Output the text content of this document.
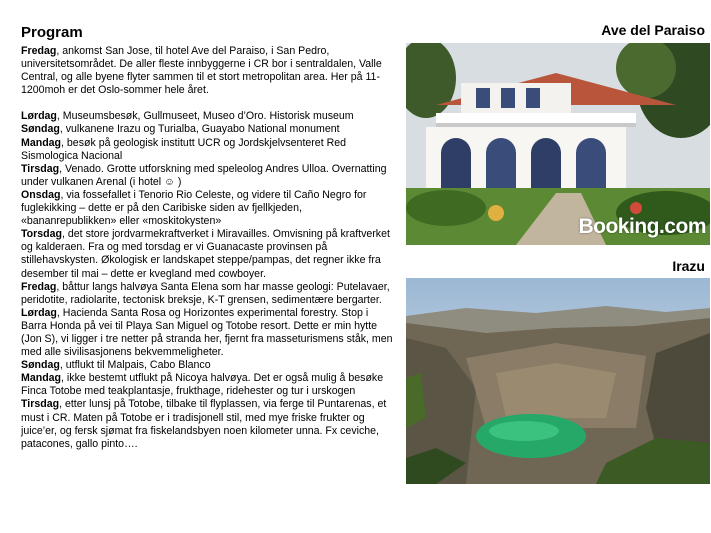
Program

Fredag, ankomst San Jose, til hotel Ave del Paraiso, i San Pedro, universitetsområdet. De aller fleste innbyggerne i CR bor i sentraldalen, Valle Central, og alle byene flyter sammen til et stort metropolitan area. Her på 11-1200moh er det Oslo-sommer hele året.

Lørdag, Museumsbesøk, Gullmuseet, Museo d’Oro. Historisk museum

Søndag, vulkanene Irazu og Turialba, Guayabo National monument

Mandag, besøk på geologisk institutt UCR og Jordskjelvsenteret Red Sismologica Nacional

Tirsdag, Venado. Grotte utforskning med speleolog Andres Ulloa. Overnatting under vulkanen Arenal (i hotel ☺ )

Onsdag, via fossefallet i Tenorio Rio Celeste, og videre til Caño Negro for fuglekikking – dette er på den Caribiske siden av fjellkjeden, «bananrepublikken» eller «moskitokysten»

Torsdag, det store jordvarmekraftverket i Miravailles. Omvisning på kraftverket og kalderaen. Fra og med torsdag er vi Guanacaste provinsen på stillehavskysten. Økologisk er landskapet steppe/pampas, det regner ikke fra desember til mai – dette er kvegland med cowboyer.

Fredag, båttur langs halvøya Santa Elena som har masse geologi: Putelavaer, peridotite, radiolarite, tectonisk breksje, K-T grensen, sedimentære bergarter.

Lørdag, Hacienda Santa Rosa og Horizontes experimental forestry. Stop i Barra Honda på vei til Playa San Miguel og Totobe resort. Dette er min hytte (Jon S), vi ligger i tre netter på stranda her, fjernt fra masseturismens ståk, men med alle sivilisasjonens bekvemmeligheter.

Søndag, utflukt til Malpais, Cabo Blanco

Mandag, ikke bestemt utflukt på Nicoya halvøya. Det er også mulig å besøke Finca Totobe med teakplantasje, frukthage, ridehester og tur i urskogen

Tirsdag, etter lunsj på Totobe, tilbake til flyplassen, via ferge til Puntarenas, et must i CR. Maten på Totobe er i tradisjonell stil, med mye friske frukter og juice’er, og fersk sjømat fra fiskelandsbyen noen kilometer unna. Fx ceviche, patacones, gallo pinto….

Ave del Paraiso
Booking.com
Irazu
